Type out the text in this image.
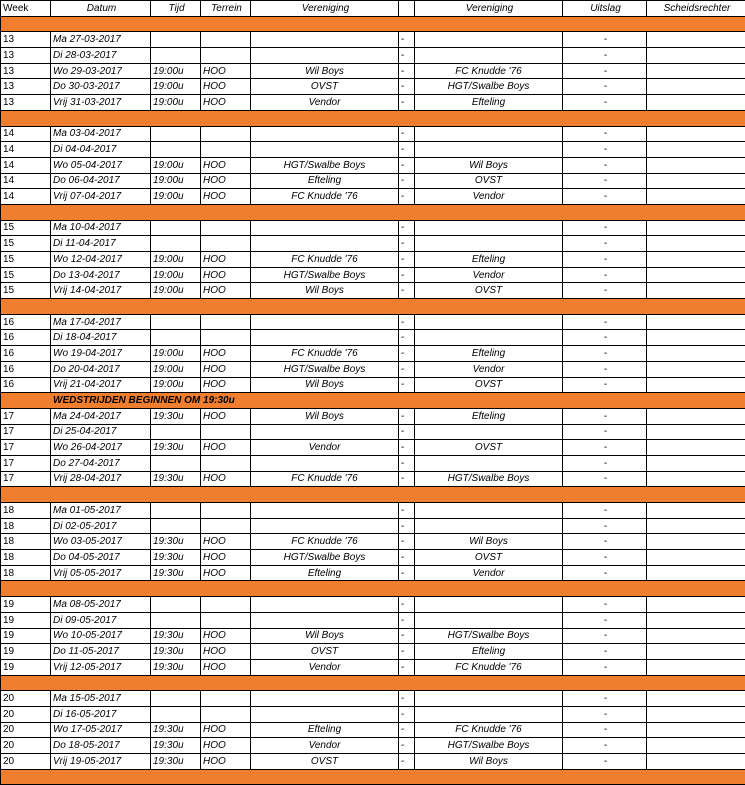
Week	Datum	Tijd	Terrein	Vereniging		Vereniging	Uitslag	Scheidsrechter

13	Ma 27-03-2017				-		-	
13	Di 28-03-2017				-		-	
13	Wo 29-03-2017	19:00u	HOO	Wil Boys	-	FC Knudde '76	-	
13	Do 30-03-2017	19:00u	HOO	OVST	-	HGT/Swalbe Boys	-	
13	Vrij 31-03-2017	19:00u	HOO	Vendor	-	Efteling	-	

14	Ma 03-04-2017				-		-	
14	Di 04-04-2017				-		-	
14	Wo 05-04-2017	19:00u	HOO	HGT/Swalbe Boys	-	Wil Boys	-	
14	Do 06-04-2017	19:00u	HOO	Efteling	-	OVST	-	
14	Vrij 07-04-2017	19:00u	HOO	FC Knudde '76	-	Vendor	-	

15	Ma 10-04-2017				-		-	
15	Di 11-04-2017				-		-	
15	Wo 12-04-2017	19:00u	HOO	FC Knudde '76	-	Efteling	-	
15	Do 13-04-2017	19:00u	HOO	HGT/Swalbe Boys	-	Vendor	-	
15	Vrij 14-04-2017	19:00u	HOO	Wil Boys	-	OVST	-	

16	Ma 17-04-2017				-		-	
16	Di 18-04-2017				-		-	
16	Wo 19-04-2017	19:00u	HOO	FC Knudde '76	-	Efteling	-	
16	Do 20-04-2017	19:00u	HOO	HGT/Swalbe Boys	-	Vendor	-	
16	Vrij 21-04-2017	19:00u	HOO	Wil Boys	-	OVST	-	
WEDSTRIJDEN BEGINNEN OM 19:30u								
17	Ma 24-04-2017	19:30u	HOO	Wil Boys	-	Efteling	-	
17	Di 25-04-2017				-		-	
17	Wo 26-04-2017	19:30u	HOO	Vendor	-	OVST	-	
17	Do 27-04-2017				-		-	
17	Vrij 28-04-2017	19:30u	HOO	FC Knudde '76	-	HGT/Swalbe Boys	-	

18	Ma 01-05-2017				-		-	
18	Di 02-05-2017				-		-	
18	Wo 03-05-2017	19:30u	HOO	FC Knudde '76	-	Wil Boys	-	
18	Do 04-05-2017	19:30u	HOO	HGT/Swalbe Boys	-	OVST	-	
18	Vrij 05-05-2017	19:30u	HOO	Efteling	-	Vendor	-	

19	Ma 08-05-2017				-		-	
19	Di 09-05-2017				-		-	
19	Wo 10-05-2017	19:30u	HOO	Wil Boys	-	HGT/Swalbe Boys	-	
19	Do 11-05-2017	19:30u	HOO	OVST	-	Efteling	-	
19	Vrij 12-05-2017	19:30u	HOO	Vendor	-	FC Knudde '76	-	

20	Ma 15-05-2017				-		-	
20	Di 16-05-2017				-		-	
20	Wo 17-05-2017	19:30u	HOO	Efteling	-	FC Knudde '76	-	
20	Do 18-05-2017	19:30u	HOO	Vendor	-	HGT/Swalbe Boys	-	
20	Vrij 19-05-2017	19:30u	HOO	OVST	-	Wil Boys	-	
